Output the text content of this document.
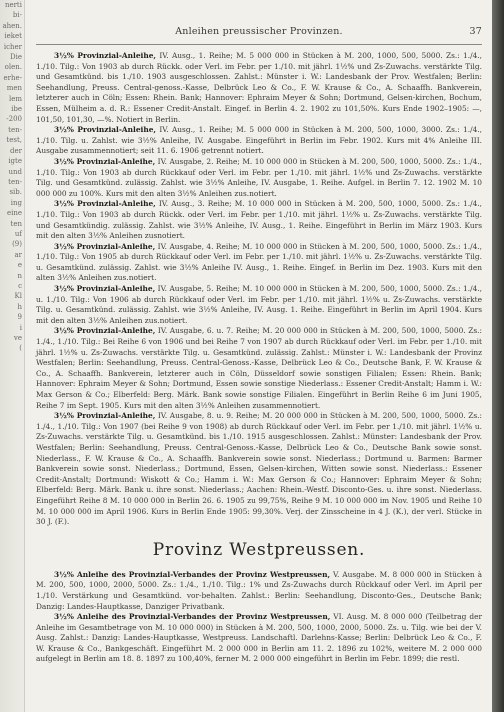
nerti
bi-
ahen.
ieket
icher
Die
olen.
erhe-
men
lem
ibe
-200
ten-
test,
der
igte
und
ten-
sib.
ing
eine
ten
uf
(9)
ar
e
n
c
Kl
h
9
i
ve
(
Anleihen preussischer Provinzen.	37

3½% Provinzial-Anleihe, IV. Ausg., 1. Reihe; M. 5 000 000 in Stücken à M. 200, 1000, 500, 5000. Zs.: 1./4., 1./10. Tilg.: Von 1903 ab durch Rückk. oder Verl. im Febr. per 1./10. mit jährl. 1½% und Zs-Zuwachs. verstärkte Tilg. und Gesamtkünd. bis 1./10. 1903 ausgeschlossen. Zahlst.: Münster i. W.: Landesbank der Prov. Westfalen; Berlin: Seehandlung, Preuss. Central-genoss.-Kasse, Delbrück Leo & Co., F. W. Krause & Co., A. Schaaffh. Bankverein, letzterer auch in Cöln; Essen: Rhein. Bank; Hannover: Ephraim Meyer & Sohn; Dortmund, Gelsen-kirchen, Bochum, Essen, Mülheim a. d. R.: Essener Credit-Anstalt. Eingef. in Berlin 4. 2. 1902 zu 101,50%. Kurs Ende 1902–1905: —, 101,50, 101,30, —%. Notiert in Berlin.

3½% Provinzial-Anleihe, IV. Ausg., 1. Reihe; M. 5 000 000 in Stücken à M. 200, 500, 1000, 3000. Zs.: 1./4., 1./10. Tilg. u. Zahlst. wie 3½% Anleihe, IV. Ausgabe. Eingeführt in Berlin im Febr. 1902. Kurs mit 4% Anleihe III. Ausgabe zusammennotiert; seit 11. 6. 1906 getrennt notiert.

3½% Provinzial-Anleihe, IV. Ausgabe, 2. Reihe; M. 10 000 000 in Stücken à M. 200, 500, 1000, 5000. Zs.: 1./4., 1./10. Tilg.: Von 1903 ab durch Rückkauf oder Verl. im Febr. per 1./10. mit jährl. 1½% und Zs-Zuwachs. verstärkte Tilg. und Gesamtkünd. zulässig. Zahlst. wie 3½% Anleihe, IV. Ausgabe, 1. Reihe. Aufgel. in Berlin 7. 12. 1902 M. 10 000 000 zu 100%. Kurs mit den alten 3½% Anleihen zus.notiert.

3½% Provinzial-Anleihe, IV. Ausg., 3. Reihe; M. 10 000 000 in Stücken à M. 200, 500, 1000, 5000. Zs.: 1./4., 1./10. Tilg.: Von 1903 ab durch Rückk. oder Verl. im Febr. per 1./10. mit jährl. 1½% u. Zs-Zuwachs. verstärkte Tilg. und Gesamtkündig. zulässig. Zahlst. wie 3½% Anleihe, IV. Ausg., 1. Reihe. Eingeführt in Berlin im März 1903. Kurs mit den alten 3½% Anleihen zusnotiert.

3½% Provinzial-Anleihe, IV. Ausgabe, 4. Reihe; M. 10 000 000 in Stücken à M. 200, 500, 1000, 5000. Zs.: 1./4., 1./10. Tilg.: Von 1905 ab durch Rückkauf oder Verl. im Febr. per 1./10. mit jährl. 1½% u. Zs-Zuwachs. verstärkte Tilg. u. Gesamtkünd. zulässig. Zahlst. wie 3½% Anleihe IV. Ausg., 1. Reihe. Eingef. in Berlin im Dez. 1903. Kurs mit den alten 3½% Anleihen zus.notiert.

3½% Provinzial-Anleihe, IV. Ausgabe, 5. Reihe; M. 10 000 000 in Stücken à M. 200, 500, 1000, 5000. Zs.: 1./4., u. 1./10. Tilg.: Von 1906 ab durch Rückkauf oder Verl. im Febr. per 1./10. mit jährl. 1½% u. Zs-Zuwachs. verstärkte Tilg. u. Gesamtkünd. zulässig. Zahlst. wie 3½% Anleihe, IV. Ausg. 1. Reihe. Eingeführt in Berlin im April 1904. Kurs mit den alten 3½% Anleihen zus.notiert.

3½% Provinzial-Anleihe, IV. Ausgabe, 6. u. 7. Reihe; M. 20 000 000 in Stücken à M. 200, 500, 1000, 5000. Zs.: 1./4., 1./10. Tilg.: Bei Reihe 6 von 1906 und bei Reihe 7 von 1907 ab durch Rückkauf oder Verl. im Febr. per 1./10. mit jährl. 1½% u. Zs-Zuwachs. verstärkte Tilg. u. Gesamtkünd. zulässig. Zahlst.: Münster i. W.: Landesbank der Provinz Westfalen; Berlin: Seehandlung, Preuss. Central-Genoss.-Kasse, Delbrück Leo & Co., Deutsche Bank, F. W. Krause & Co., A. Schaaffh. Bankverein, letzterer auch in Cöln, Düsseldorf sowie sonstigen Filialen; Essen: Rhein. Bank; Hannover: Ephraim Meyer & Sohn; Dortmund, Essen sowie sonstige Niederlass.: Essener Credit-Anstalt; Hamm i. W.: Max Gerson & Co.; Elberfeld: Berg. Märk. Bank sowie sonstige Filialen. Eingeführt in Berlin Reihe 6 im Juni 1905, Reihe 7 im Sept. 1905. Kurs mit den alten 3½% Anleihen zusammennotiert.

3½% Provinzial-Anleihe, IV. Ausgabe, 8. u. 9. Reihe; M. 20 000 000 in Stücken à M. 200, 500, 1000, 5000. Zs.: 1./4., 1./10. Tilg.: Von 1907 (bei Reihe 9 von 1908) ab durch Rückkauf oder Verl. im Febr. per 1./10. mit jährl. 1½% u. Zs-Zuwachs. verstärkte Tilg. u. Gesamtkünd. bis 1./10. 1915 ausgeschlossen. Zahlst.: Münster: Landesbank der Prov. Westfalen; Berlin: Seehandlung, Preuss. Central-Genoss.-Kasse, Delbrück Leo & Co., Deutsche Bank sowie sonst. Niederlass., F. W. Krause & Co., A. Schaaffh. Bankverein sowie sonst. Niederlass.; Dortmund u. Barmen: Barmer Bankverein sowie sonst. Niederlass.; Dortmund, Essen, Gelsen-kirchen, Witten sowie sonst. Niederlass.: Essener Credit-Anstalt; Dortmund: Wiskott & Co.; Hamm i. W.: Max Gerson & Co.; Hannover: Ephraim Meyer & Sohn; Elberfeld: Berg. Märk. Bank u. ihre sonst. Niederlass.; Aachen: Rhein.-Westf. Disconto-Ges. u. ihre sonst. Niederlass. Eingeführt Reihe 8 M. 10 000 000 in Berlin 26. 6. 1905 zu 99,75%, Reihe 9 M. 10 000 000 im Nov. 1905 und Reihe 10 M. 10 000 000 im April 1906. Kurs in Berlin Ende 1905: 99,30%. Verj. der Zinsscheine in 4 J. (K.), der verl. Stücke in 30 J. (F.).

Provinz Westpreussen.

3½% Anleihe des Provinzial-Verbandes der Provinz Westpreussen, V. Ausgabe. M. 8 000 000 in Stücken à M. 200, 500, 1000, 2000, 5000. Zs.: 1./4., 1./10. Tilg.: 1% und Zs-Zuwachs durch Rückkauf oder Verl. im April per 1./10. Verstärkung und Gesamtkünd. vor-behalten. Zahlst.: Berlin: Seehandlung, Disconto-Ges., Deutsche Bank; Danzig: Landes-Hauptkasse, Danziger Privatbank.

3½% Anleihe des Provinzial-Verbandes der Provinz Westpreussen, VI. Ausg. M. 8 000 000 (Teilbetrag der Anleihe im Gesamtbetrage von M. 10 000 000) in Stücken à M. 200, 500, 1000, 2000, 5000. Zs. u. Tilg. wie bei der V. Ausg. Zahlst.: Danzig: Landes-Hauptkasse, Westpreuss. Landschaftl. Darlehns-Kasse; Berlin: Delbrück Leo & Co., F. W. Krause & Co., Bankgeschäft. Eingeführt M. 2 000 000 in Berlin am 11. 2. 1896 zu 102%, weitere M. 2 000 000 aufgelegt in Berlin am 18. 8. 1897 zu 100,40%, ferner M. 2 000 000 eingeführt in Berlin im Febr. 1899; die restl.
